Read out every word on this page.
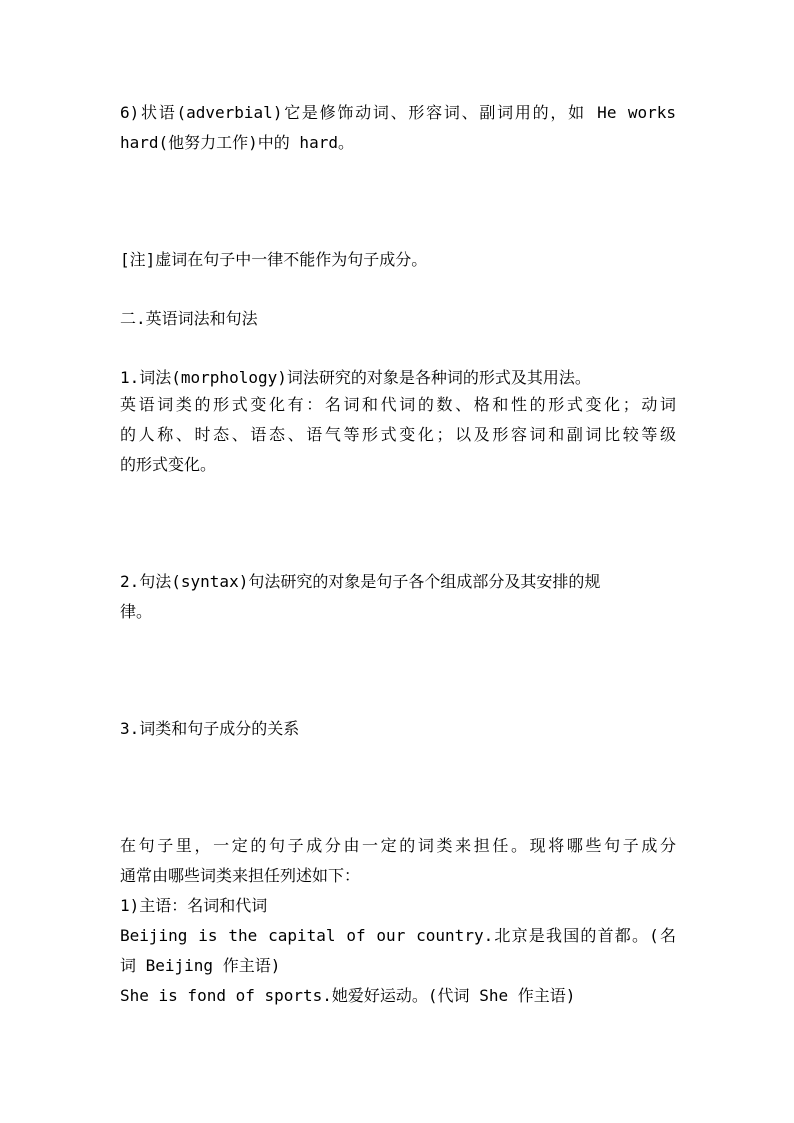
6)状语(adverbial)它是修饰动词、形容词、副词用的，如 He works
hard(他努力工作)中的 hard。
[注]虚词在句子中一律不能作为句子成分。
二.英语词法和句法
1.词法(morphology)词法研究的对象是各种词的形式及其用法。
英语词类的形式变化有：名词和代词的数、格和性的形式变化；动词
的人称、时态、语态、语气等形式变化；以及形容词和副词比较等级
的形式变化。
2.句法(syntax)句法研究的对象是句子各个组成部分及其安排的规
律。
3.词类和句子成分的关系
在句子里，一定的句子成分由一定的词类来担任。现将哪些句子成分
通常由哪些词类来担任列述如下：
1)主语：名词和代词
Beijing is the capital of our country.北京是我国的首都。(名
词 Beijing 作主语)
She is fond of sports.她爱好运动。(代词 She 作主语)
